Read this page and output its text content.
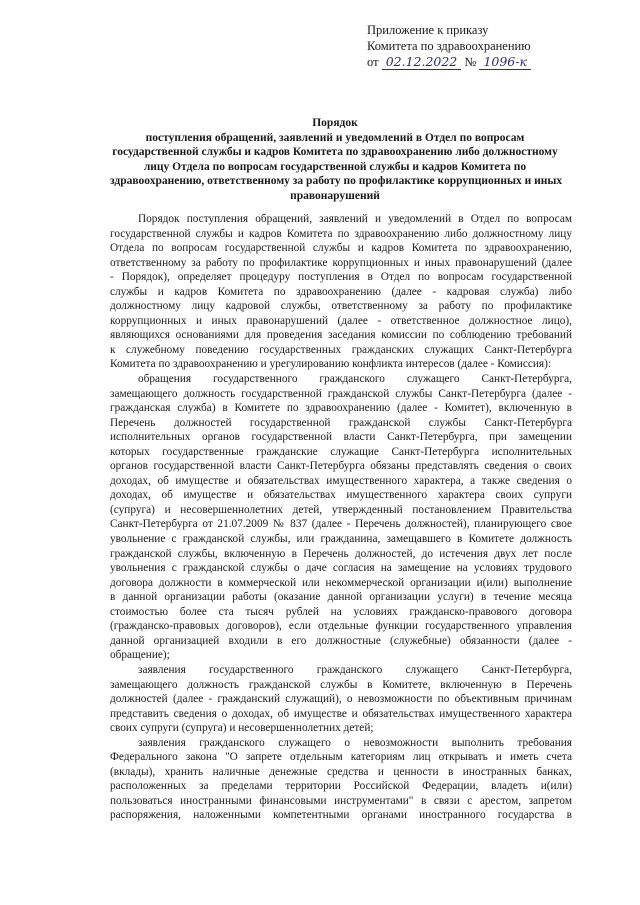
Приложение к приказу
Комитета по здравоохранению
от 02.12.2022 № 1096-к
Порядок
поступления обращений, заявлений и уведомлений в Отдел по вопросам
государственной службы и кадров Комитета по здравоохранению либо должностному
лицу Отдела по вопросам государственной службы и кадров Комитета по
здравоохранению, ответственному за работу по профилактике коррупционных и иных
правонарушений
Порядок поступления обращений, заявлений и уведомлений в Отдел по вопросам
государственной службы и кадров Комитета по здравоохранению либо должностному лицу
Отдела по вопросам государственной службы и кадров Комитета по здравоохранению,
ответственному за работу по профилактике коррупционных и иных правонарушений (далее
- Порядок), определяет процедуру поступления в Отдел по вопросам государственной
службы и кадров Комитета по здравоохранению (далее - кадровая служба) либо
должностному лицу кадровой службы, ответственному за работу по профилактике
коррупционных и иных правонарушений (далее - ответственное должностное лицо),
являющихся основаниями для проведения заседания комиссии по соблюдению требований
к служебному поведению государственных гражданских служащих Санкт-Петербурга
Комитета по здравоохранению и урегулированию конфликта интересов (далее - Комиссия):
обращения государственного гражданского служащего Санкт-Петербурга,
замещающего должность государственной гражданской службы Санкт-Петербурга (далее -
гражданская служба) в Комитете по здравоохранению (далее - Комитет), включенную в
Перечень должностей государственной гражданской службы Санкт-Петербурга
исполнительных органов государственной власти Санкт-Петербурга, при замещении
которых государственные гражданские служащие Санкт-Петербурга исполнительных
органов государственной власти Санкт-Петербурга обязаны представлять сведения о своих
доходах, об имуществе и обязательствах имущественного характера, а также сведения о
доходах, об имуществе и обязательствах имущественного характера своих супруги
(супруга) и несовершеннолетних детей, утвержденный постановлением Правительства
Санкт-Петербурга от 21.07.2009 № 837 (далее - Перечень должностей), планирующего свое
увольнение с гражданской службы, или гражданина, замещавшего в Комитете должность
гражданской службы, включенную в Перечень должностей, до истечения двух лет после
увольнения с гражданской службы о даче согласия на замещение на условиях трудового
договора должности в коммерческой или некоммерческой организации и(или) выполнение
в данной организации работы (оказание данной организации услуги) в течение месяца
стоимостью более ста тысяч рублей на условиях гражданско-правового договора
(гражданско-правовых договоров), если отдельные функции государственного управления
данной организацией входили в его должностные (служебные) обязанности (далее -
обращение);
заявления государственного гражданского служащего Санкт-Петербурга,
замещающего должность гражданской службы в Комитете, включенную в Перечень
должностей (далее - гражданский служащий), о невозможности по объективным причинам
представить сведения о доходах, об имуществе и обязательствах имущественного характера
своих супруги (супруга) и несовершеннолетних детей;
заявления гражданского служащего о невозможности выполнить требования
Федерального закона "О запрете отдельным категориям лиц открывать и иметь счета
(вклады), хранить наличные денежные средства и ценности в иностранных банках,
расположенных за пределами территории Российской Федерации, владеть и(или)
пользоваться иностранными финансовыми инструментами" в связи с арестом, запретом
распоряжения, наложенными компетентными органами иностранного государства в
